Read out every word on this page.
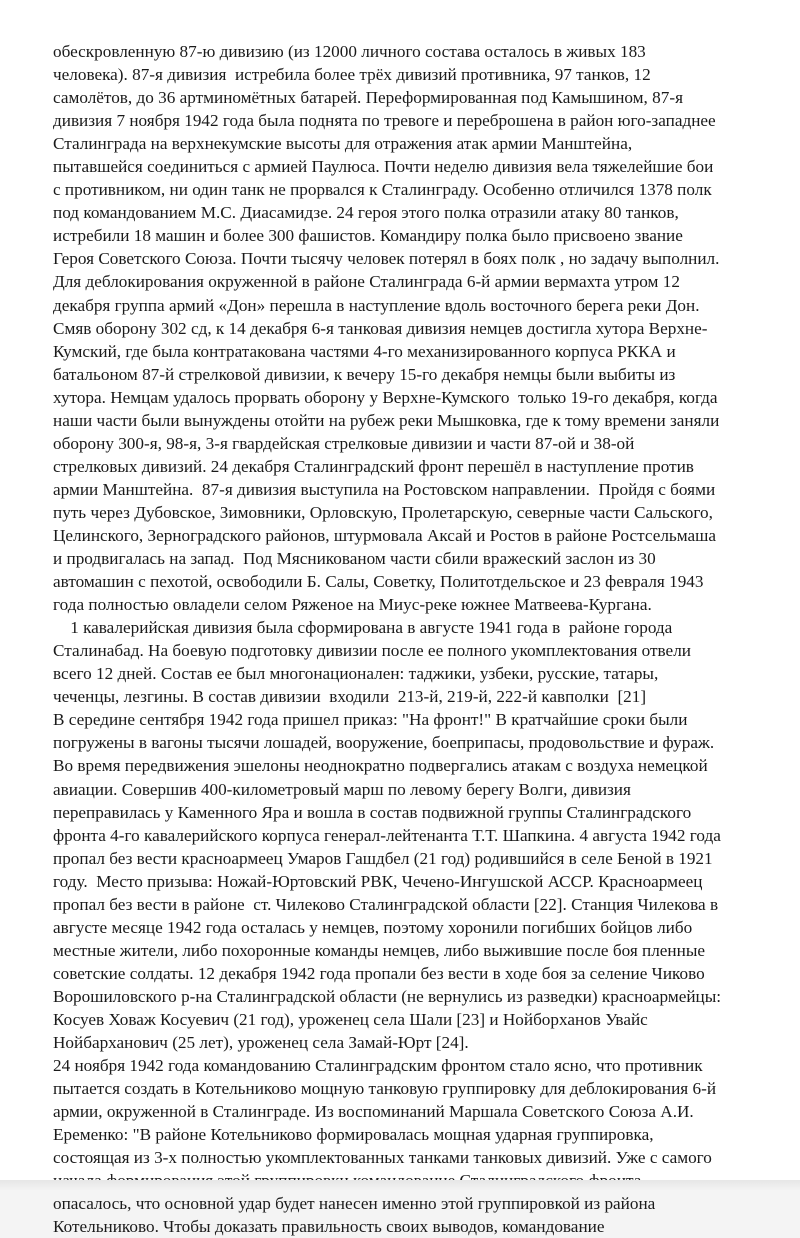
обескровленную 87-ю дивизию (из 12000 личного состава осталось в живых 183
человека). 87-я дивизия  истребила более трёх дивизий противника, 97 танков, 12
самолётов, до 36 артминомётных батарей. Переформированная под Камышином, 87-я
дивизия 7 ноября 1942 года была поднята по тревоге и переброшена в район юго-западнее
Сталинграда на верхнекумские высоты для отражения атак армии Манштейна,
пытавшейся соединиться с армией Паулюса. Почти неделю дивизия вела тяжелейшие бои
с противником, ни один танк не прорвался к Сталинграду. Особенно отличился 1378 полк
под командованием М.С. Диасамидзе. 24 героя этого полка отразили атаку 80 танков,
истребили 18 машин и более 300 фашистов. Командиру полка было присвоено звание
Героя Советского Союза. Почти тысячу человек потерял в боях полк , но задачу выполнил.
Для деблокирования окруженной в районе Сталинграда 6-й армии вермахта утром 12
декабря группа армий «Дон» перешла в наступление вдоль восточного берега реки Дон.
Смяв оборону 302 сд, к 14 декабря 6-я танковая дивизия немцев достигла хутора Верхне-
Кумский, где была контратакована частями 4-го механизированного корпуса РККА и
батальоном 87-й стрелковой дивизии, к вечеру 15-го декабря немцы были выбиты из
хутора. Немцам удалось прорвать оборону у Верхне-Кумского  только 19-го декабря, когда
наши части были вынуждены отойти на рубеж реки Мышковка, где к тому времени заняли
оборону 300-я, 98-я, 3-я гвардейская стрелковые дивизии и части 87-ой и 38-ой
стрелковых дивизий. 24 декабря Сталинградский фронт перешёл в наступление против
армии Манштейна.  87-я дивизия выступила на Ростовском направлении.  Пройдя с боями
путь через Дубовское, Зимовники, Орловскую, Пролетарскую, северные части Сальского,
Целинского, Зерноградского районов, штурмовала Аксай и Ростов в районе Ростсельмаша
и продвигалась на запад.  Под Мясникованом части сбили вражеский заслон из 30
автомашин с пехотой, освободили Б. Салы, Советку, Политотдельское и 23 февраля 1943
года полностью овладели селом Ряженое на Миус-реке южнее Матвеева-Кургана.
1 кавалерийская дивизия была сформирована в августе 1941 года в  районе города
Сталинабад. На боевую подготовку дивизии после ее полного укомплектования отвели
всего 12 дней. Состав ее был многонационален: таджики, узбеки, русские, татары,
чеченцы, лезгины. В состав дивизии  входили  213-й, 219-й, 222-й кавполки  [21]
В середине сентября 1942 года пришел приказ: "На фронт!" В кратчайшие сроки были
погружены в вагоны тысячи лошадей, вооружение, боеприпасы, продовольствие и фураж.
Во время передвижения эшелоны неоднократно подвергались атакам с воздуха немецкой
авиации. Совершив 400-километровый марш по левому берегу Волги, дивизия
переправилась у Каменного Яра и вошла в состав подвижной группы Сталинградского
фронта 4-го кавалерийского корпуса генерал-лейтенанта Т.Т. Шапкина. 4 августа 1942 года
пропал без вести красноармеец Умаров Гашдбел (21 год) родившийся в селе Беной в 1921
году.  Место призыва: Ножай-Юртовский РВК, Чечено-Ингушской АССР. Красноармеец
пропал без вести в районе  ст. Чилеково Сталинградской области [22]. Станция Чилекова в
августе месяце 1942 года осталась у немцев, поэтому хоронили погибших бойцов либо
местные жители, либо похоронные команды немцев, либо выжившие после боя пленные
советские солдаты. 12 декабря 1942 года пропали без вести в ходе боя за селение Чиково
Ворошиловского р-на Сталинградской области (не вернулись из разведки) красноармейцы:
Косуев Ховаж Косуевич (21 год), уроженец села Шали [23] и Нойборханов Увайс
Нойбарханович (25 лет), уроженец села Замай-Юрт [24].
24 ноября 1942 года командованию Сталинградским фронтом стало ясно, что противник
пытается создать в Котельниково мощную танковую группировку для деблокирования 6-й
армии, окруженной в Сталинграде. Из воспоминаний Маршала Советского Союза А.И.
Еременко: "В районе Котельниково формировалась мощная ударная группировка,
состоящая из 3-х полностью укомплектованных танками танковых дивизий. Уже с самого
опасалось, что основной удар будет нанесен именно этой группировкой из района
Котельниково. Чтобы доказать правильность своих выводов, командование
